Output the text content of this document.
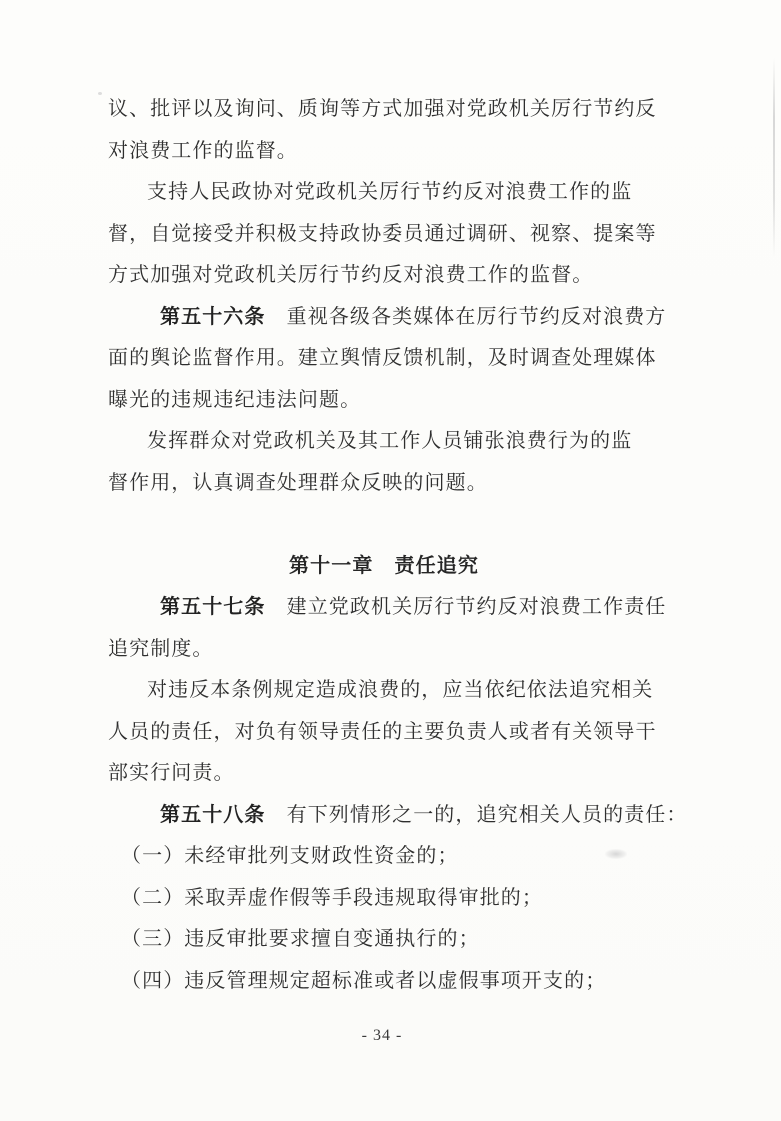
议、批评以及询问、质询等方式加强对党政机关厉行节约反
对浪费工作的监督。
支持人民政协对党政机关厉行节约反对浪费工作的监
督，自觉接受并积极支持政协委员通过调研、视察、提案等
方式加强对党政机关厉行节约反对浪费工作的监督。
第五十六条　重视各级各类媒体在厉行节约反对浪费方
面的舆论监督作用。建立舆情反馈机制，及时调查处理媒体
曝光的违规违纪违法问题。
发挥群众对党政机关及其工作人员铺张浪费行为的监
督作用，认真调查处理群众反映的问题。
第十一章　责任追究
第五十七条　建立党政机关厉行节约反对浪费工作责任
追究制度。
对违反本条例规定造成浪费的，应当依纪依法追究相关
人员的责任，对负有领导责任的主要负责人或者有关领导干
部实行问责。
第五十八条　有下列情形之一的，追究相关人员的责任：
（一）未经审批列支财政性资金的；
（二）采取弄虚作假等手段违规取得审批的；
（三）违反审批要求擅自变通执行的；
（四）违反管理规定超标准或者以虚假事项开支的；
- 34 -
